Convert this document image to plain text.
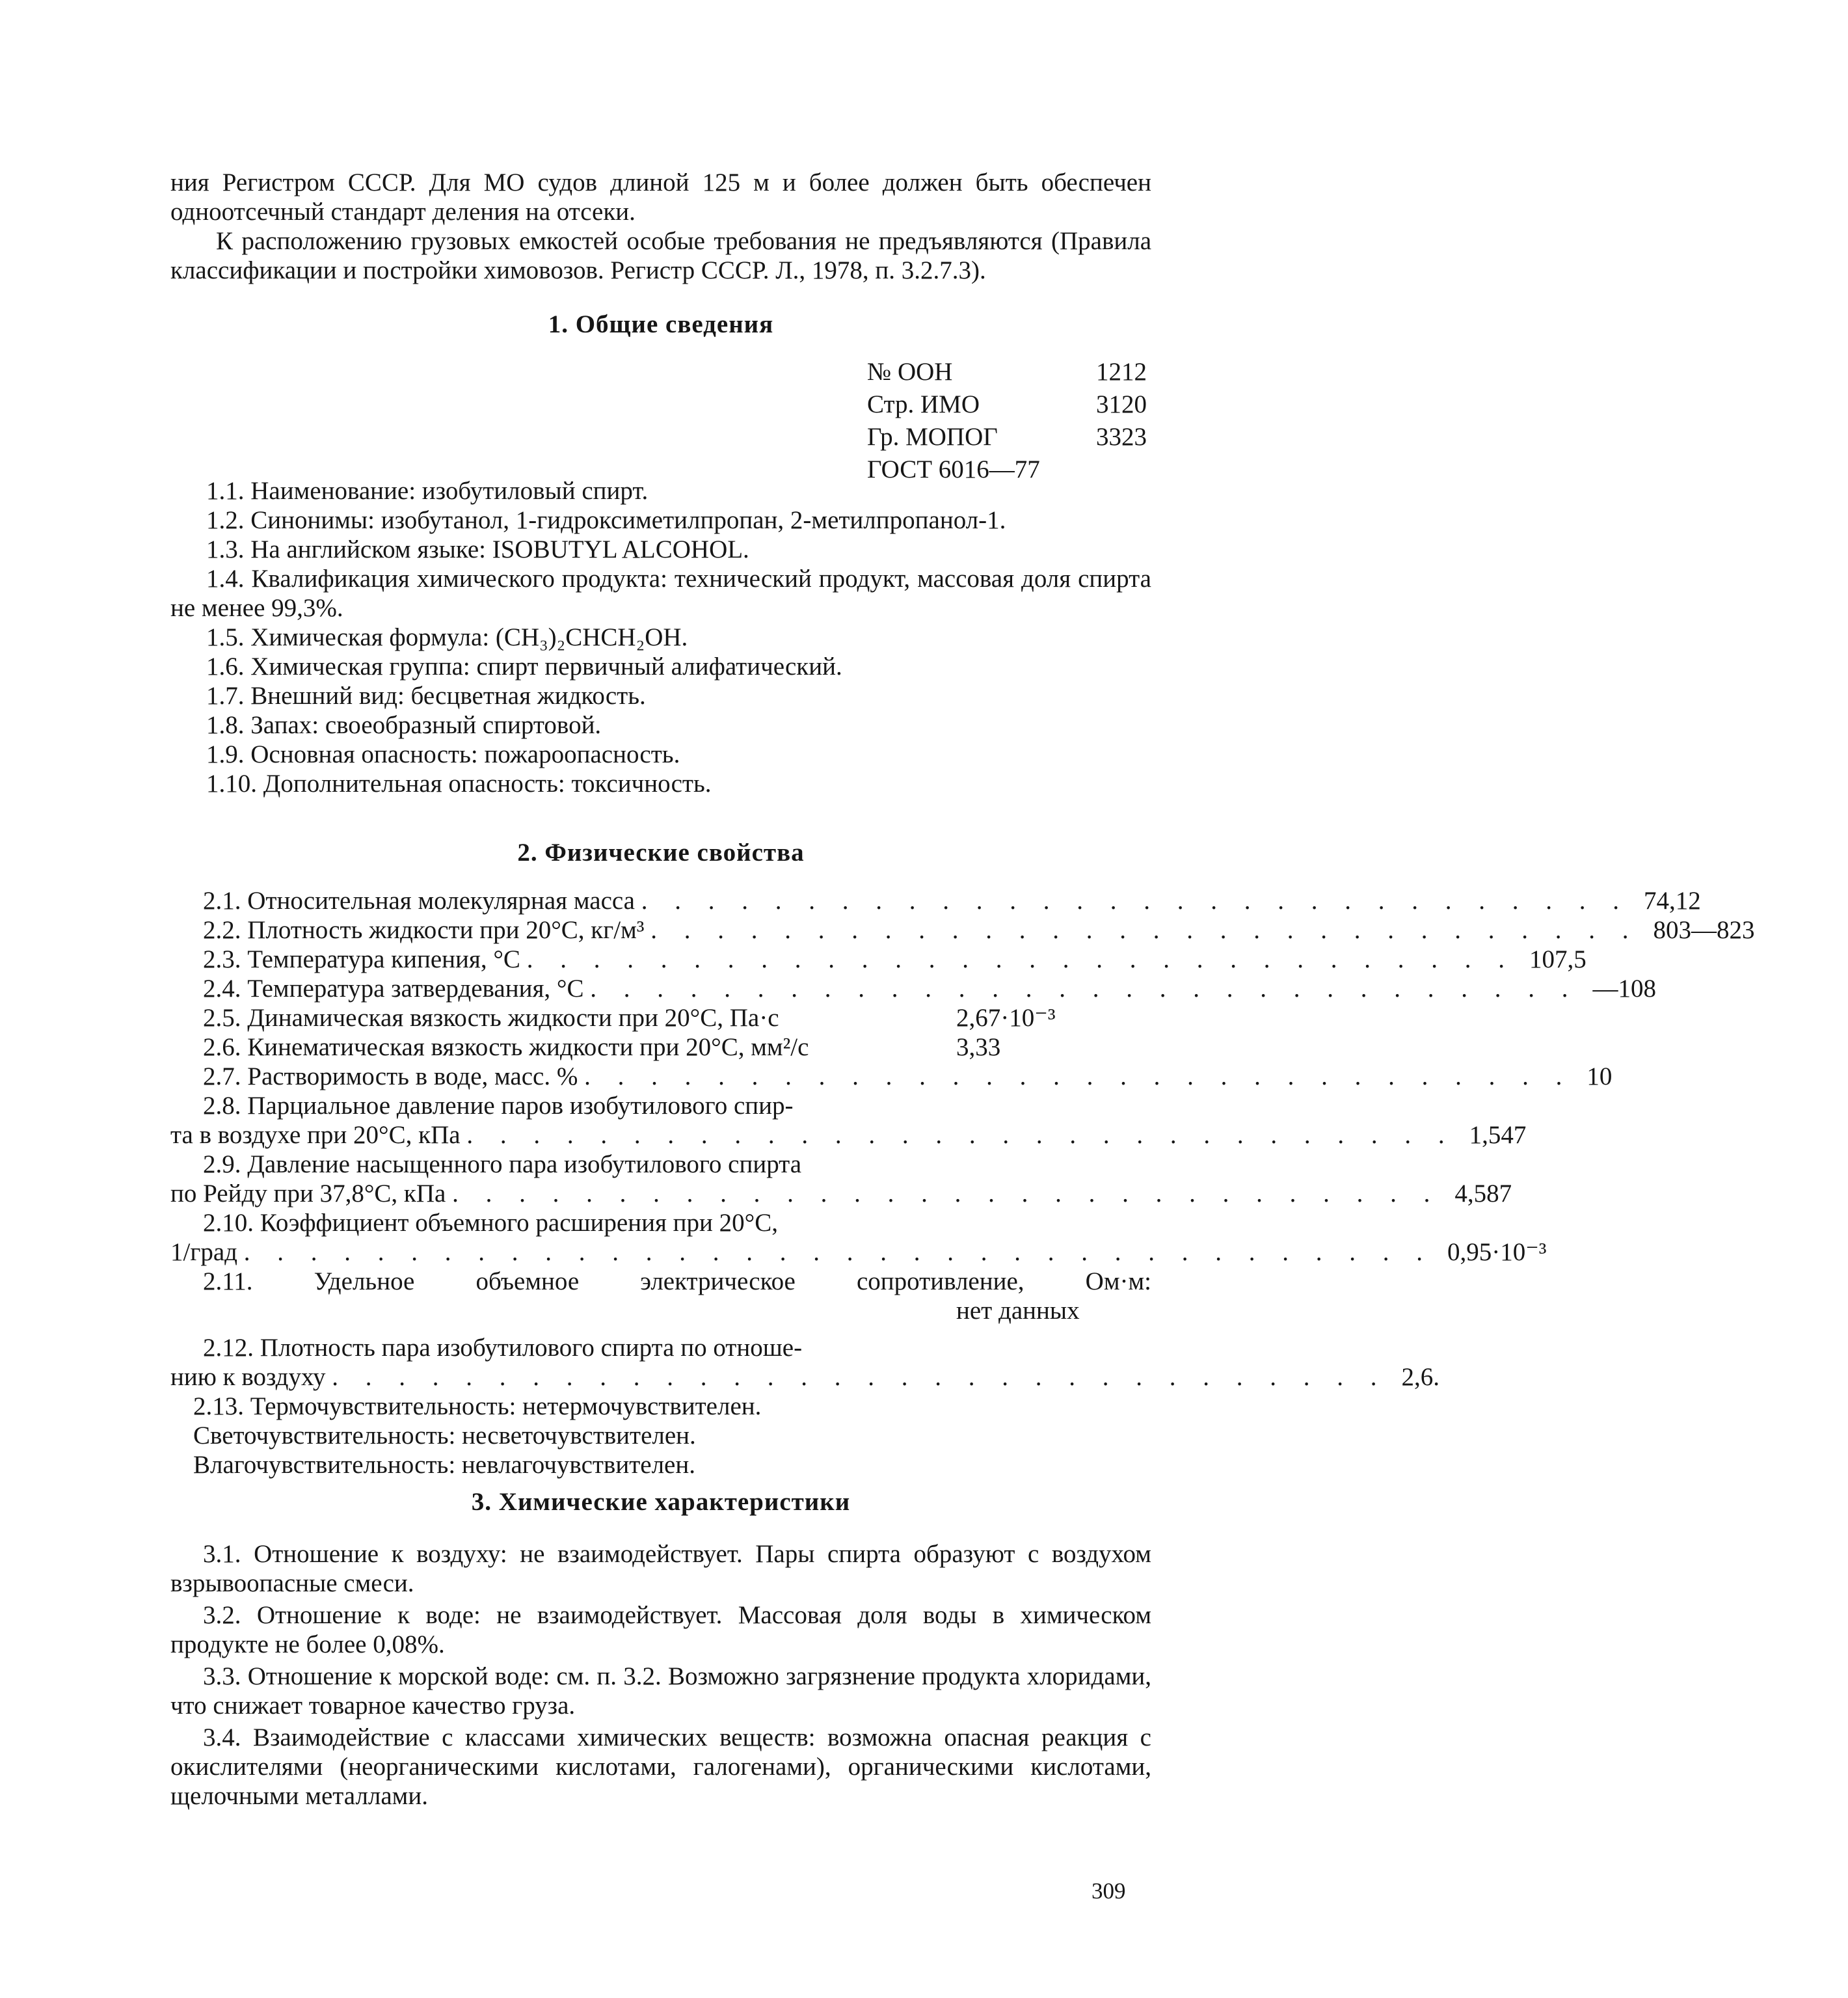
ния Регистром СССР. Для МО судов длиной 125 м и более должен быть обеспечен одноотсечный стандарт деления на отсеки.

К расположению грузовых емкостей особые требования не предъявляются (Правила классификации и постройки химовозов. Регистр СССР. Л., 1978, п. 3.2.7.3).

1. Общие сведения

№ ООН	1212
Стр. ИМО	3120
Гр. МОПОГ	3323
ГОСТ 6016—77

1.1. Наименование: изобутиловый спирт.

1.2. Синонимы: изобутанол, 1-гидроксиметилпропан, 2-метилпропанол-1.

1.3. На английском языке: ISOBUTYL ALCOHOL.

1.4. Квалификация химического продукта: технический продукт, массовая доля спирта не менее 99,3%.

1.5. Химическая формула: (CH₃)₂CHCH₂OH.

1.6. Химическая группа: спирт первичный алифатический.

1.7. Внешний вид: бесцветная жидкость.

1.8. Запах: своеобразный спиртовой.

1.9. Основная опасность: пожароопасность.

1.10. Дополнительная опасность: токсичность.

2. Физические свойства

2.1. Относительная молекулярная масса . . . . . . . . . . . . . . . . . . . . . . . . . . . . . . 74,12
2.2. Плотность жидкости при 20°C, кг/м³ . . . . . . . . . . . . . . . . . . . . . . . . . . . . . . 803—823
2.3. Температура кипения, °C . . . . . . . . . . . . . . . . . . . . . . . . . . . . . . 107,5
2.4. Температура затвердевания, °C . . . . . . . . . . . . . . . . . . . . . . . . . . . . . . —108
2.5. Динамическая вязкость жидкости при 20°C, Па·с	2,67·10⁻³
2.6. Кинематическая вязкость жидкости при 20°C, мм²/с	3,33
2.7. Растворимость в воде, масс. % . . . . . . . . . . . . . . . . . . . . . . . . . . . . . . 10
2.8. Парциальное давление паров изобутилового спир-
та в воздухе при 20°C, кПа . . . . . . . . . . . . . . . . . . . . . . . . . . . . . . 1,547
2.9. Давление насыщенного пара изобутилового спирта
по Рейду при 37,8°C, кПа . . . . . . . . . . . . . . . . . . . . . . . . . . . . . . 4,587
2.10. Коэффициент объемного расширения при 20°C,
1/град . . . . . . . . . . . . . . . . . . . . . . . . . . . . . . . . . . . . 0,95·10⁻³
2.11. Удельное объемное электрическое сопротивление, Ом·м:
нет данных
2.12. Плотность пара изобутилового спирта по отноше-
нию к воздуху . . . . . . . . . . . . . . . . . . . . . . . . . . . . . . . . 2,6.
2.13. Термочувствительность: нетермочувствителен.
Светочувствительность: несветочувствителен.
Влагочувствительность: невлагочувствителен.

3. Химические характеристики

3.1. Отношение к воздуху: не взаимодействует. Пары спирта образуют с воздухом взрывоопасные смеси.

3.2. Отношение к воде: не взаимодействует. Массовая доля воды в химическом продукте не более 0,08%.

3.3. Отношение к морской воде: см. п. 3.2. Возможно загрязнение продукта хлоридами, что снижает товарное качество груза.

3.4. Взаимодействие с классами химических веществ: возможна опасная реакция с окислителями (неорганическими кислотами, галогенами), органическими кислотами, щелочными металлами.

309
